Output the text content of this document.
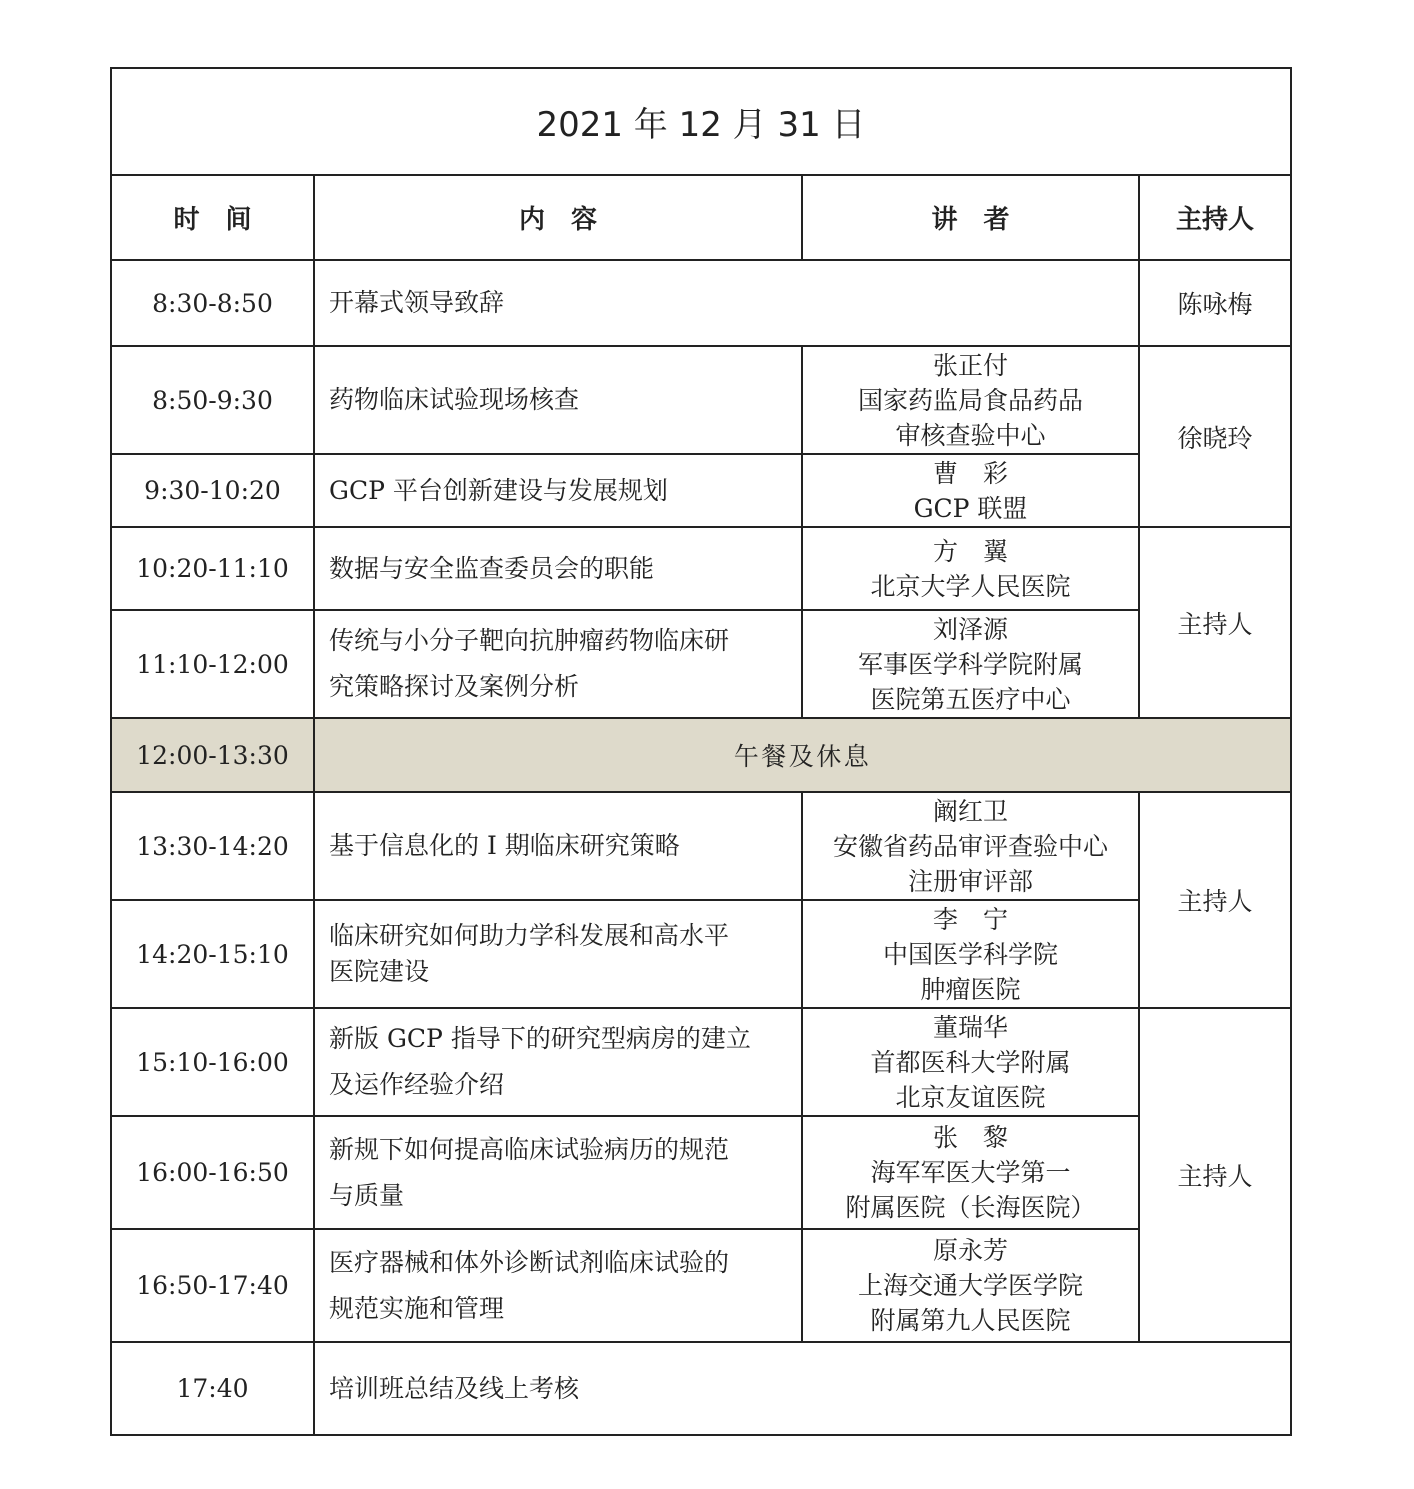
2021 年 12 月 31 日			
时　间	内　容	讲　者	主持人
8:30-8:50	开幕式领导致辞		陈咏梅
8:50-9:30	药物临床试验现场核查	张正付
国家药监局食品药品
审核查验中心	徐晓玲
9:30-10:20	GCP 平台创新建设与发展规划	曹　彩
GCP 联盟	

10:20-11:10	数据与安全监查委员会的职能	方　翼
北京大学人民医院	主持人
11:10-12:00	传统与小分子靶向抗肿瘤药物临床研
究策略探讨及案例分析	刘泽源
军事医学科学院附属
医院第五医疗中心	

12:00-13:30	午餐及休息		
13:30-14:20	基于信息化的 I 期临床研究策略	阚红卫
安徽省药品审评查验中心
注册审评部	主持人
14:20-15:10	临床研究如何助力学科发展和高水平
医院建设	李　宁
中国医学科学院
肿瘤医院	

15:10-16:00	新版 GCP 指导下的研究型病房的建立
及运作经验介绍	董瑞华
首都医科大学附属
北京友谊医院	主持人
16:00-16:50	新规下如何提高临床试验病历的规范
与质量	张　黎
海军军医大学第一
附属医院（长海医院）	

16:50-17:40	医疗器械和体外诊断试剂临床试验的
规范实施和管理	原永芳
上海交通大学医学院
附属第九人民医院	

17:40	培训班总结及线上考核		
